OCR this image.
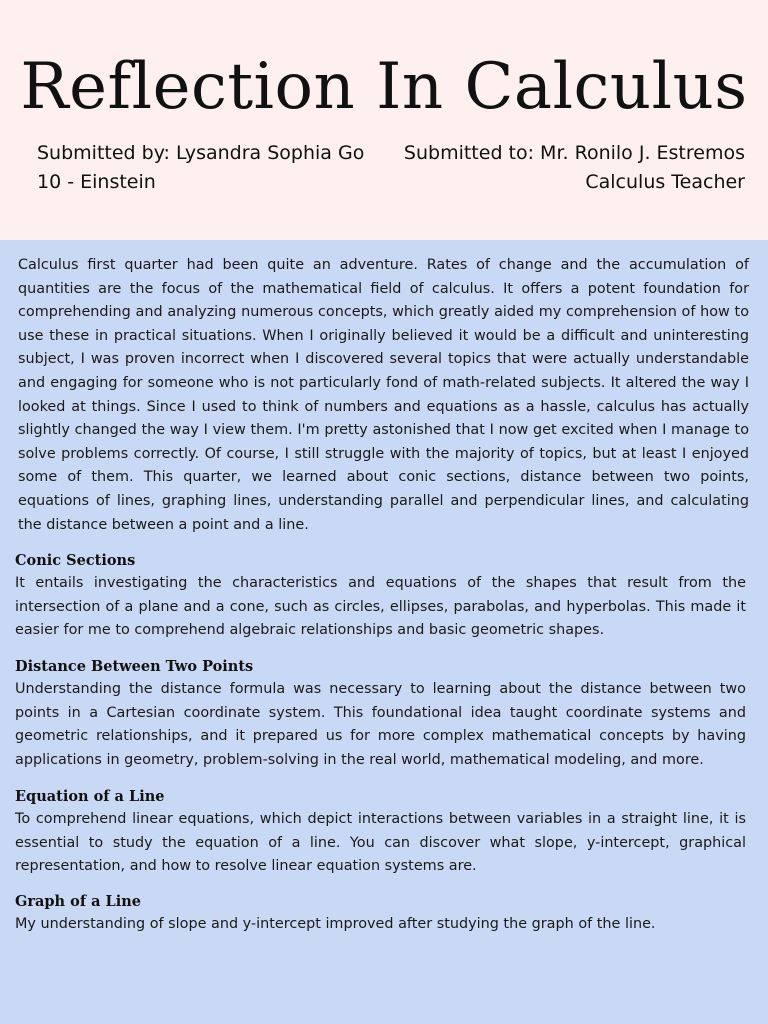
Reflection In Calculus
Submitted by: Lysandra Sophia Go
10 - Einstein
Submitted to: Mr. Ronilo J. Estremos
Calculus Teacher

Calculus first quarter had been quite an adventure. Rates of change and the accumulation of quantities are the focus of the mathematical field of calculus. It offers a potent foundation for comprehending and analyzing numerous concepts, which greatly aided my comprehension of how to use these in practical situations. When I originally believed it would be a difficult and uninteresting subject, I was proven incorrect when I discovered several topics that were actually understandable and engaging for someone who is not particularly fond of math-related subjects. It altered the way I looked at things. Since I used to think of numbers and equations as a hassle, calculus has actually slightly changed the way I view them. I'm pretty astonished that I now get excited when I manage to solve problems correctly. Of course, I still struggle with the majority of topics, but at least I enjoyed some of them. This quarter, we learned about conic sections, distance between two points, equations of lines, graphing lines, understanding parallel and perpendicular lines, and calculating the distance between a point and a line.

Conic Sections

It entails investigating the characteristics and equations of the shapes that result from the intersection of a plane and a cone, such as circles, ellipses, parabolas, and hyperbolas. This made it easier for me to comprehend algebraic relationships and basic geometric shapes.

Distance Between Two Points

Understanding the distance formula was necessary to learning about the distance between two points in a Cartesian coordinate system. This foundational idea taught coordinate systems and geometric relationships, and it prepared us for more complex mathematical concepts by having applications in geometry, problem-solving in the real world, mathematical modeling, and more.

Equation of a Line

To comprehend linear equations, which depict interactions between variables in a straight line, it is essential to study the equation of a line. You can discover what slope, y-intercept, graphical representation, and how to resolve linear equation systems are.

Graph of a Line

My understanding of slope and y-intercept improved after studying the graph of the line.
